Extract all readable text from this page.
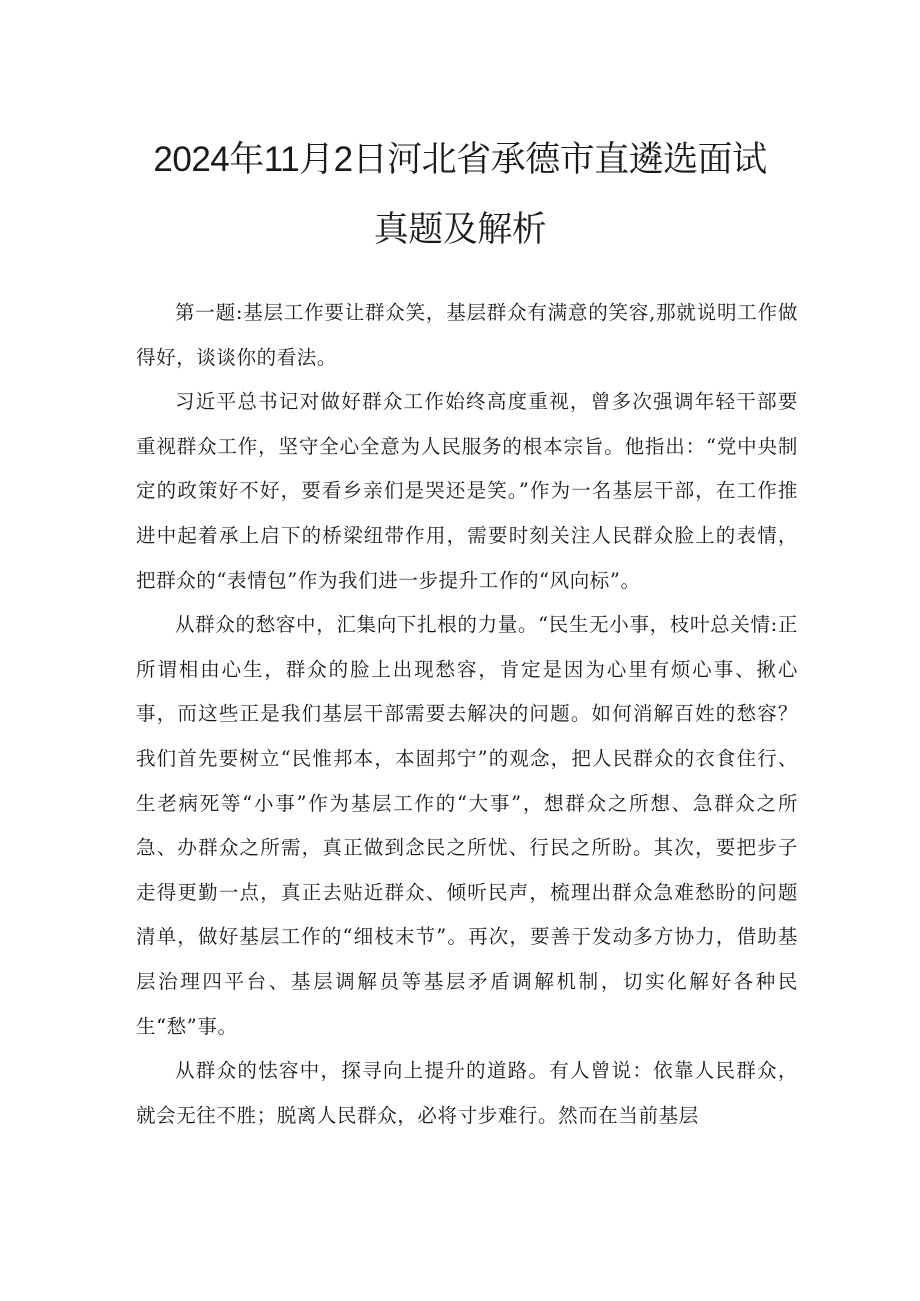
2024年11月2日河北省承德市直遴选面试
真题及解析

第一题:基层工作要让群众笑，基层群众有满意的笑容,那就说明工作做得好，谈谈你的看法。

习近平总书记对做好群众工作始终高度重视，曾多次强调年轻干部要重视群众工作，坚守全心全意为人民服务的根本宗旨。他指出：“党中央制定的政策好不好，要看乡亲们是哭还是笑。”作为一名基层干部，在工作推进中起着承上启下的桥梁纽带作用，需要时刻关注人民群众脸上的表情，把群众的“表情包”作为我们进一步提升工作的“风向标”。

从群众的愁容中，汇集向下扎根的力量。“民生无小事，枝叶总关情:正所谓相由心生，群众的脸上出现愁容，肯定是因为心里有烦心事、揪心事，而这些正是我们基层干部需要去解决的问题。如何消解百姓的愁容？我们首先要树立“民惟邦本，本固邦宁”的观念，把人民群众的衣食住行、生老病死等“小事”作为基层工作的“大事”，想群众之所想、急群众之所急、办群众之所需，真正做到念民之所忧、行民之所盼。其次，要把步子走得更勤一点，真正去贴近群众、倾听民声，梳理出群众急难愁盼的问题清单，做好基层工作的“细枝末节”。再次，要善于发动多方协力，借助基层治理四平台、基层调解员等基层矛盾调解机制，切实化解好各种民生“愁”事。

从群众的怯容中，探寻向上提升的道路。有人曾说：依靠人民群众，就会无往不胜；脱离人民群众，必将寸步难行。然而在当前基层
